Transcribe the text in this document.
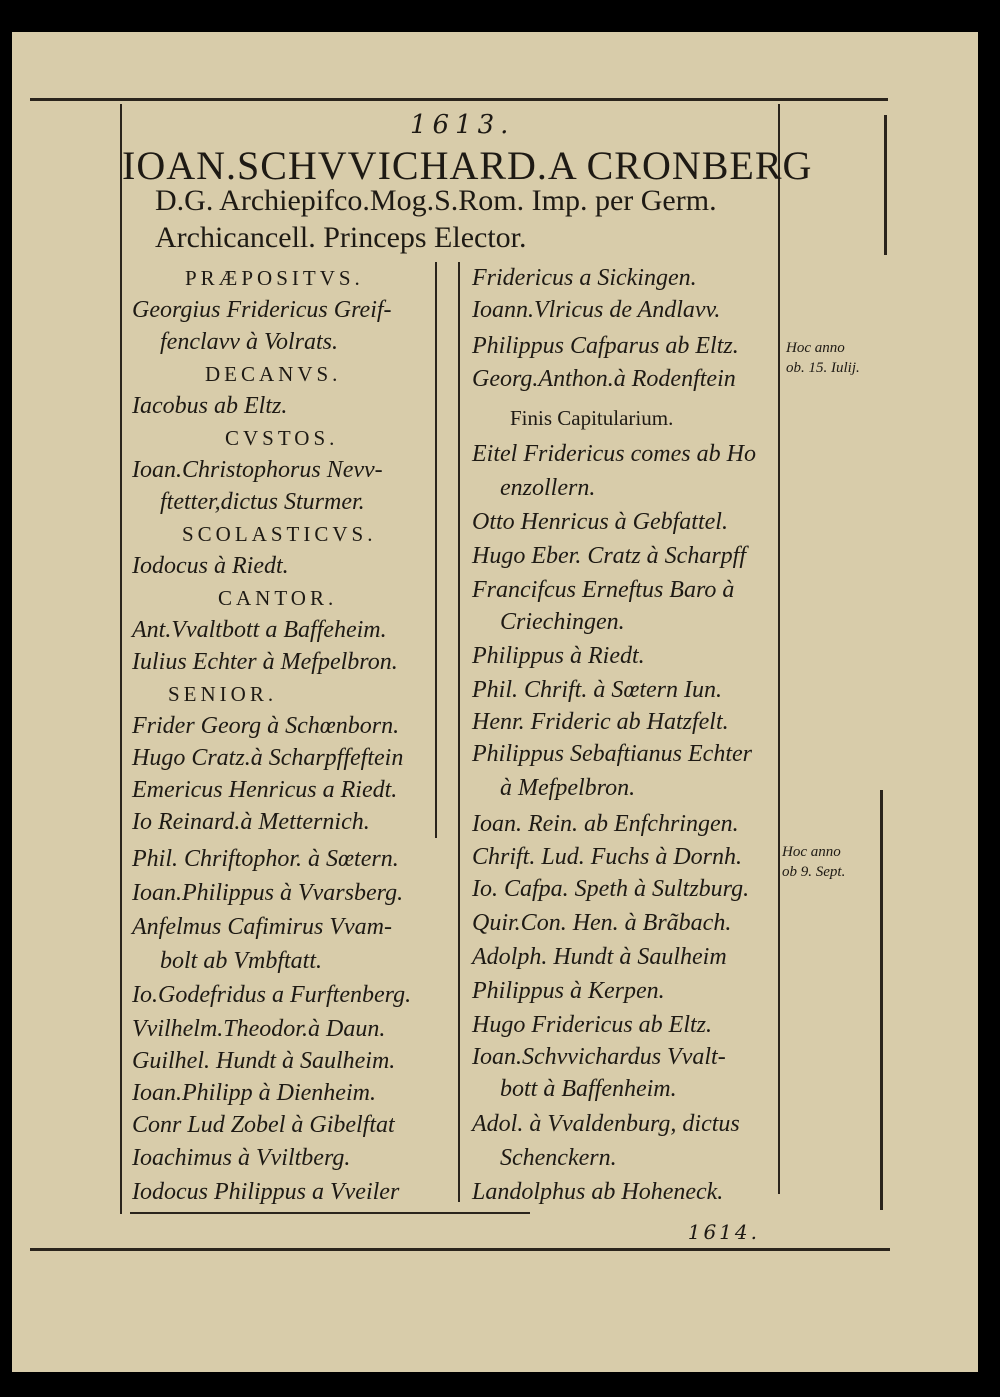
1613.
IOAN.SCHVVICHARD.A CRONBERG
D.G. Archiepifco.Mog.S.Rom. Imp. per Germ.
Archicancell. Princeps Elector.
PRÆPOSITVS.
Georgius Fridericus Greif-
fenclavv à Volrats.
DECANVS.
Iacobus ab Eltz.
CVSTOS.
Ioan.Christophorus Nevv-
ftetter,dictus Sturmer.
SCOLASTICVS.
Iodocus à Riedt.
CANTOR.
Ant.Vvaltbott a Baffeheim.
Iulius Echter à Mefpelbron.
SENIOR.
Frider Georg à Schœnborn.
Hugo Cratz.à Scharpffeftein
Emericus Henricus a Riedt.
Io Reinard.à Metternich.
Phil. Chriftophor. à Sœtern.
Ioan.Philippus à Vvarsberg.
Anfelmus Cafimirus Vvam-
bolt ab Vmbftatt.
Io.Godefridus a Furftenberg.
Vvilhelm.Theodor.à Daun.
Guilhel. Hundt à Saulheim.
Ioan.Philipp à Dienheim.
Conr Lud Zobel à Gibelftat
Ioachimus à Vviltberg.
Iodocus Philippus a Vveiler
Fridericus a Sickingen.
Ioann.Vlricus de Andlavv.
Philippus Cafparus ab Eltz.
Georg.Anthon.à Rodenftein
Finis Capitularium.
Eitel Fridericus comes ab Ho
enzollern.
Otto Henricus à Gebfattel.
Hugo Eber. Cratz à Scharpff
Francifcus Erneftus Baro à
Criechingen.
Philippus à Riedt.
Phil. Chrift. à Sœtern Iun.
Henr. Frideric ab Hatzfelt.
Philippus Sebaftianus Echter
à Mefpelbron.
Ioan. Rein. ab Enfchringen.
Chrift. Lud. Fuchs à Dornh.
Io. Cafpa. Speth à Sultzburg.
Quir.Con. Hen. à Brãbach.
Adolph. Hundt à Saulheim
Philippus à Kerpen.
Hugo Fridericus ab Eltz.
Ioan.Schvvichardus Vvalt-
bott à Baffenheim.
Adol. à Vvaldenburg, dictus
Schenckern.
Landolphus ab Hoheneck.
Hoc anno
ob. 15. Iulij.
Hoc anno
ob 9. Sept.
1614.
